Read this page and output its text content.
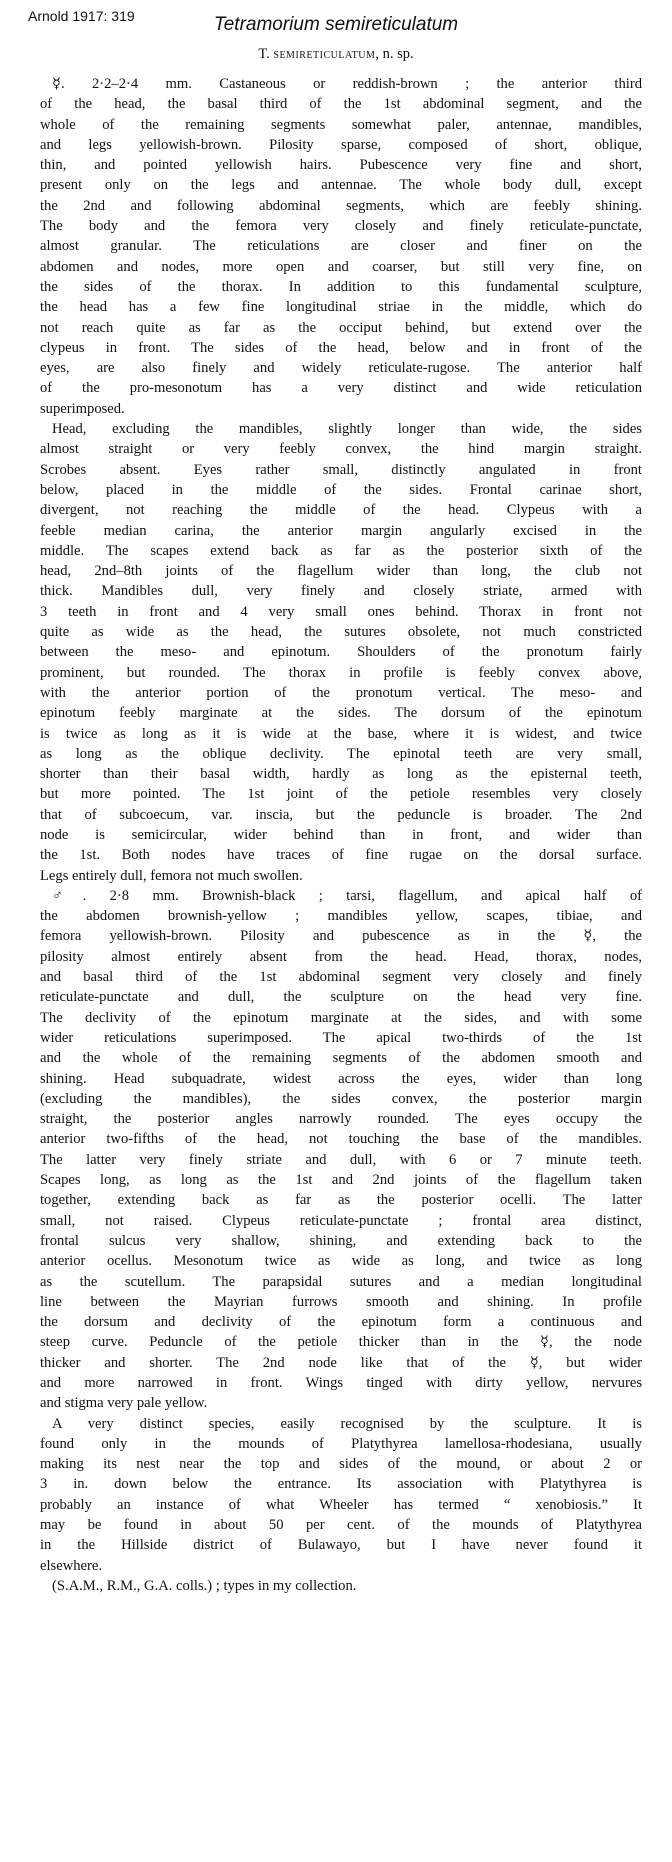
Arnold 1917: 319	Tetramorium semireticulatum
T. semireticulatum, n. sp.
☿. 2·2–2·4 mm. Castaneous or reddish-brown ; the anterior third
of the head, the basal third of the 1st abdominal segment, and the
whole of the remaining segments somewhat paler, antennae, mandibles,
and legs yellowish-brown. Pilosity sparse, composed of short, oblique,
thin, and pointed yellowish hairs. Pubescence very fine and short,
present only on the legs and antennae. The whole body dull, except
the 2nd and following abdominal segments, which are feebly shining.
The body and the femora very closely and finely reticulate-punctate,
almost granular. The reticulations are closer and finer on the
abdomen and nodes, more open and coarser, but still very fine, on
the sides of the thorax. In addition to this fundamental sculpture,
the head has a few fine longitudinal striae in the middle, which do
not reach quite as far as the occiput behind, but extend over the
clypeus in front. The sides of the head, below and in front of the
eyes, are also finely and widely reticulate-rugose. The anterior half
of the pro-mesonotum has a very distinct and wide reticulation
superimposed.
Head, excluding the mandibles, slightly longer than wide, the sides
almost straight or very feebly convex, the hind margin straight.
Scrobes absent. Eyes rather small, distinctly angulated in front
below, placed in the middle of the sides. Frontal carinae short,
divergent, not reaching the middle of the head. Clypeus with a
feeble median carina, the anterior margin angularly excised in the
middle. The scapes extend back as far as the posterior sixth of the
head, 2nd–8th joints of the flagellum wider than long, the club not
thick. Mandibles dull, very finely and closely striate, armed with
3 teeth in front and 4 very small ones behind. Thorax in front not
quite as wide as the head, the sutures obsolete, not much constricted
between the meso- and epinotum. Shoulders of the pronotum fairly
prominent, but rounded. The thorax in profile is feebly convex above,
with the anterior portion of the pronotum vertical. The meso- and
epinotum feebly marginate at the sides. The dorsum of the epinotum
is twice as long as it is wide at the base, where it is widest, and twice
as long as the oblique declivity. The epinotal teeth are very small,
shorter than their basal width, hardly as long as the episternal teeth,
but more pointed. The 1st joint of the petiole resembles very closely
that of subcoecum, var. inscia, but the peduncle is broader. The 2nd
node is semicircular, wider behind than in front, and wider than
the 1st. Both nodes have traces of fine rugae on the dorsal surface.
Legs entirely dull, femora not much swollen.
♂. 2·8 mm. Brownish-black ; tarsi, flagellum, and apical half of
the abdomen brownish-yellow ; mandibles yellow, scapes, tibiae, and
femora yellowish-brown. Pilosity and pubescence as in the ☿, the
pilosity almost entirely absent from the head. Head, thorax, nodes,
and basal third of the 1st abdominal segment very closely and finely
reticulate-punctate and dull, the sculpture on the head very fine.
The declivity of the epinotum marginate at the sides, and with some
wider reticulations superimposed. The apical two-thirds of the 1st
and the whole of the remaining segments of the abdomen smooth and
shining. Head subquadrate, widest across the eyes, wider than long
(excluding the mandibles), the sides convex, the posterior margin
straight, the posterior angles narrowly rounded. The eyes occupy the
anterior two-fifths of the head, not touching the base of the mandibles.
The latter very finely striate and dull, with 6 or 7 minute teeth.
Scapes long, as long as the 1st and 2nd joints of the flagellum taken
together, extending back as far as the posterior ocelli. The latter
small, not raised. Clypeus reticulate-punctate ; frontal area distinct,
frontal sulcus very shallow, shining, and extending back to the
anterior ocellus. Mesonotum twice as wide as long, and twice as long
as the scutellum. The parapsidal sutures and a median longitudinal
line between the Mayrian furrows smooth and shining. In profile
the dorsum and declivity of the epinotum form a continuous and
steep curve. Peduncle of the petiole thicker than in the ☿, the node
thicker and shorter. The 2nd node like that of the ☿, but wider
and more narrowed in front. Wings tinged with dirty yellow, nervures
and stigma very pale yellow.
A very distinct species, easily recognised by the sculpture. It is
found only in the mounds of Platythyrea lamellosa-rhodesiana, usually
making its nest near the top and sides of the mound, or about 2 or
3 in. down below the entrance. Its association with Platythyrea is
probably an instance of what Wheeler has termed “ xenobiosis.” It
may be found in about 50 per cent. of the mounds of Platythyrea
in the Hillside district of Bulawayo, but I have never found it
elsewhere.
(S.A.M., R.M., G.A. colls.) ; types in my collection.
